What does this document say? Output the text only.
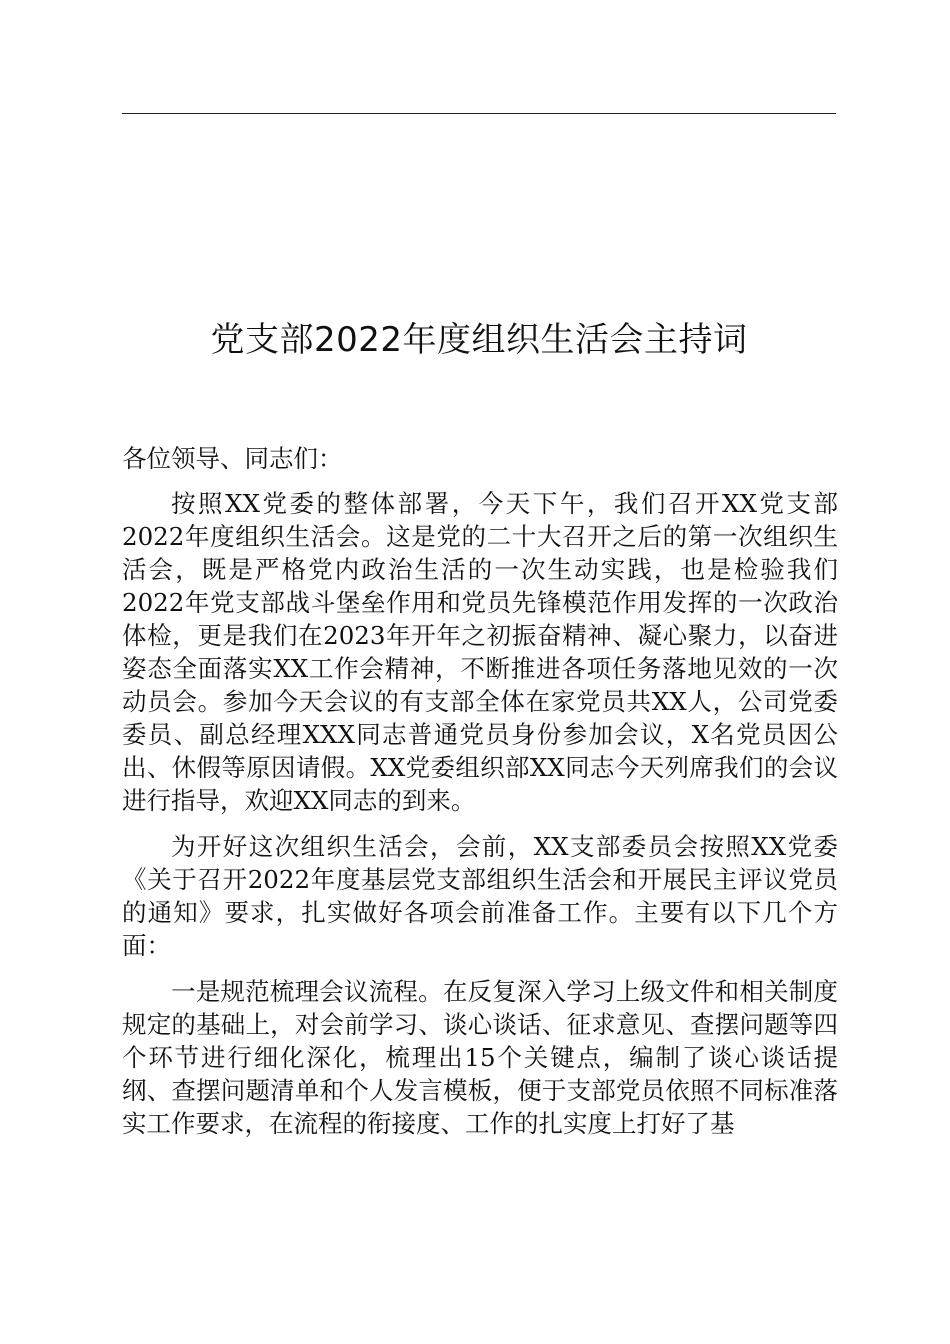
党支部2022年度组织生活会主持词

各位领导、同志们：

按照XX党委的整体部署，今天下午，我们召开XX党支部2022年度组织生活会。这是党的二十大召开之后的第一次组织生活会，既是严格党内政治生活的一次生动实践，也是检验我们2022年党支部战斗堡垒作用和党员先锋模范作用发挥的一次政治体检，更是我们在2023年开年之初振奋精神、凝心聚力，以奋进姿态全面落实XX工作会精神，不断推进各项任务落地见效的一次动员会。参加今天会议的有支部全体在家党员共XX人，公司党委委员、副总经理XXX同志普通党员身份参加会议，X名党员因公出、休假等原因请假。XX党委组织部XX同志今天列席我们的会议进行指导，欢迎XX同志的到来。

为开好这次组织生活会，会前，XX支部委员会按照XX党委《关于召开2022年度基层党支部组织生活会和开展民主评议党员的通知》要求，扎实做好各项会前准备工作。主要有以下几个方面：

一是规范梳理会议流程。在反复深入学习上级文件和相关制度规定的基础上，对会前学习、谈心谈话、征求意见、查摆问题等四个环节进行细化深化，梳理出15个关键点，编制了谈心谈话提纲、查摆问题清单和个人发言模板，便于支部党员依照不同标准落实工作要求，在流程的衔接度、工作的扎实度上打好了基
